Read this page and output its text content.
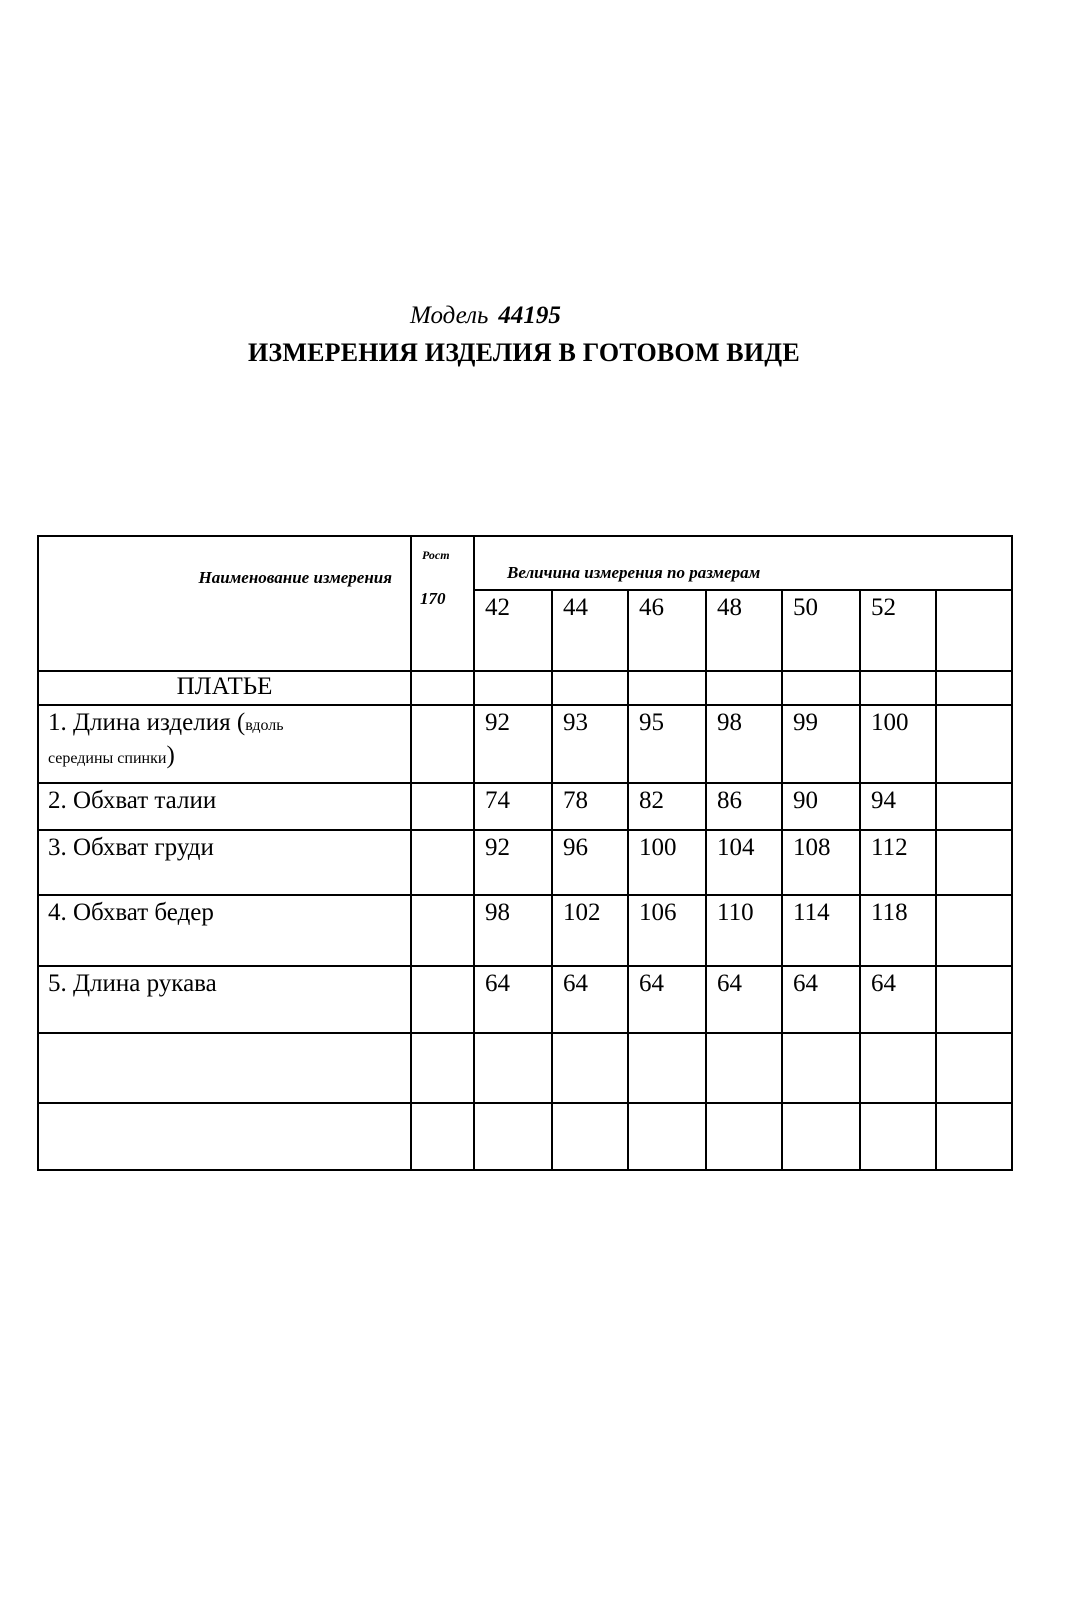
Модель 44195
ИЗМЕРЕНИЯ ИЗДЕЛИЯ В ГОТОВОМ ВИДЕ
Наименование измерения	Рост
170	Величина измерения по размерам						

		42	44	46	48	50	52	
ПЛАТЬЕ								
1. Длина изделия (вдоль
середины спинки)		92	93	95	98	99	100	
2. Обхват талии		74	78	82	86	90	94	
3. Обхват груди		92	96	100	104	108	112	
4. Обхват бедер		98	102	106	110	114	118	
5. Длина рукава		64	64	64	64	64	64	
